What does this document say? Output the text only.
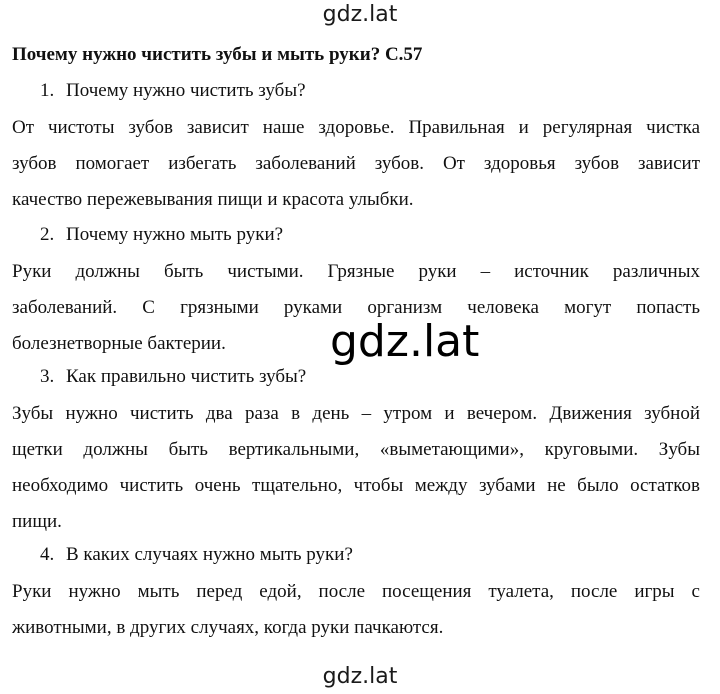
gdz.lat
Почему нужно чистить зубы и мыть руки? С.57
1. Почему нужно чистить зубы?
От чистоты зубов зависит наше здоровье. Правильная и регулярная чистка
зубов помогает избегать заболеваний зубов. От здоровья зубов зависит
качество пережевывания пищи и красота улыбки.
2. Почему нужно мыть руки?
Руки должны быть чистыми. Грязные руки – источник различных
заболеваний. С грязными руками организм человека могут попасть
болезнетворные бактерии.	gdz.lat
3. Как правильно чистить зубы?
Зубы нужно чистить два раза в день – утром и вечером. Движения зубной
щетки должны быть вертикальными, «выметающими», круговыми. Зубы
необходимо чистить очень тщательно, чтобы между зубами не было остатков
пищи.
4. В каких случаях нужно мыть руки?
Руки нужно мыть перед едой, после посещения туалета, после игры с
животными, в других случаях, когда руки пачкаются.
gdz.lat
